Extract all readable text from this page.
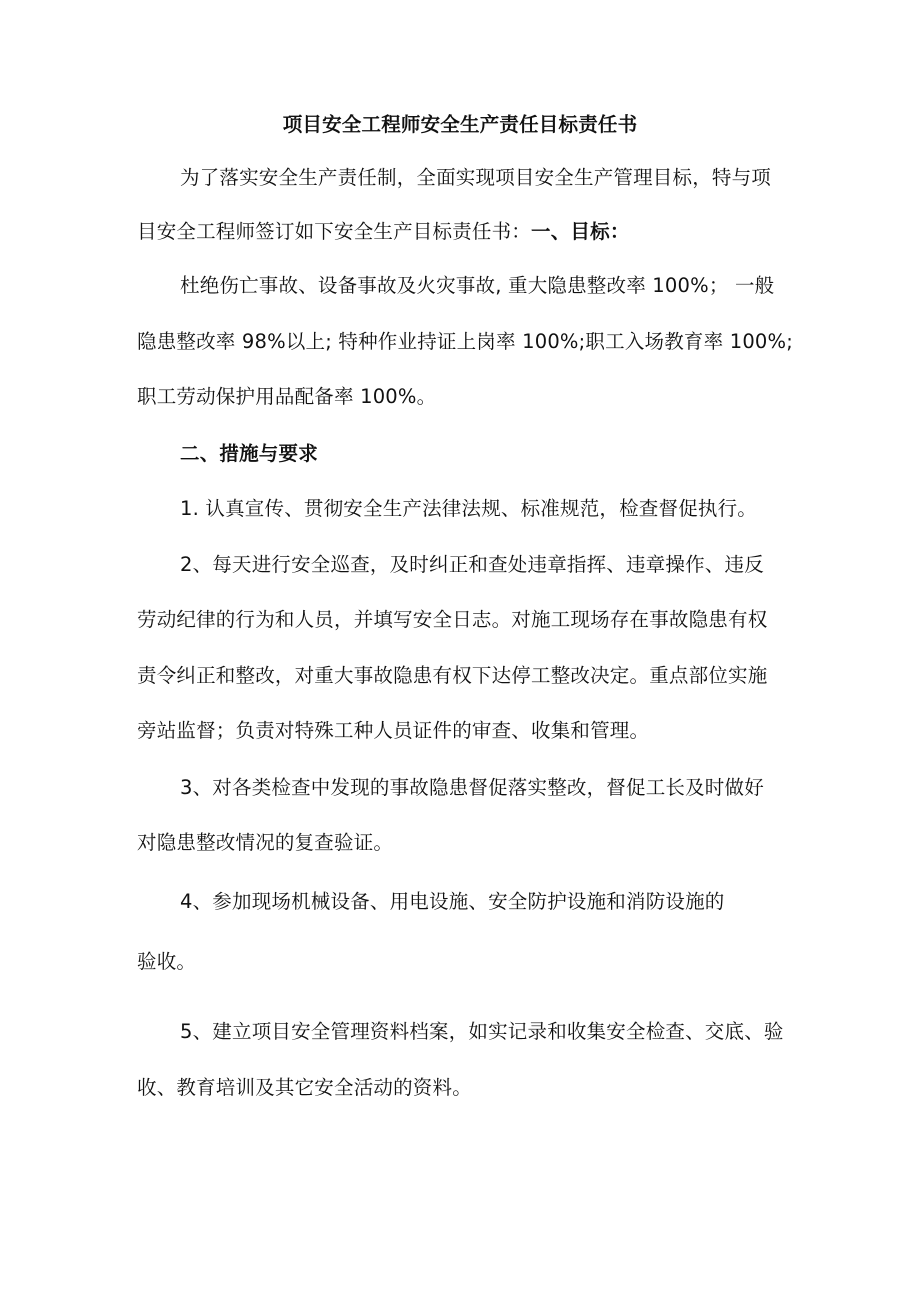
项目安全工程师安全生产责任目标责任书
为了落实安全生产责任制，全面实现项目安全生产管理目标，特与项
目安全工程师签订如下安全生产目标责任书：一、目标：
杜绝伤亡事故、设备事故及火灾事故, 重大隐患整改率 100%； 一般
隐患整改率 98%以上; 特种作业持证上岗率 100%;职工入场教育率 100%;
职工劳动保护用品配备率 100%。
二、措施与要求
1. 认真宣传、贯彻安全生产法律法规、标准规范，检查督促执行。
2、每天进行安全巡查，及时纠正和查处违章指挥、违章操作、违反
劳动纪律的行为和人员，并填写安全日志。对施工现场存在事故隐患有权
责令纠正和整改，对重大事故隐患有权下达停工整改决定。重点部位实施
旁站监督；负责对特殊工种人员证件的审查、收集和管理。
3、对各类检查中发现的事故隐患督促落实整改，督促工长及时做好
对隐患整改情况的复查验证。
4、参加现场机械设备、用电设施、安全防护设施和消防设施的
验收。
5、建立项目安全管理资料档案，如实记录和收集安全检查、交底、验
收、教育培训及其它安全活动的资料。
